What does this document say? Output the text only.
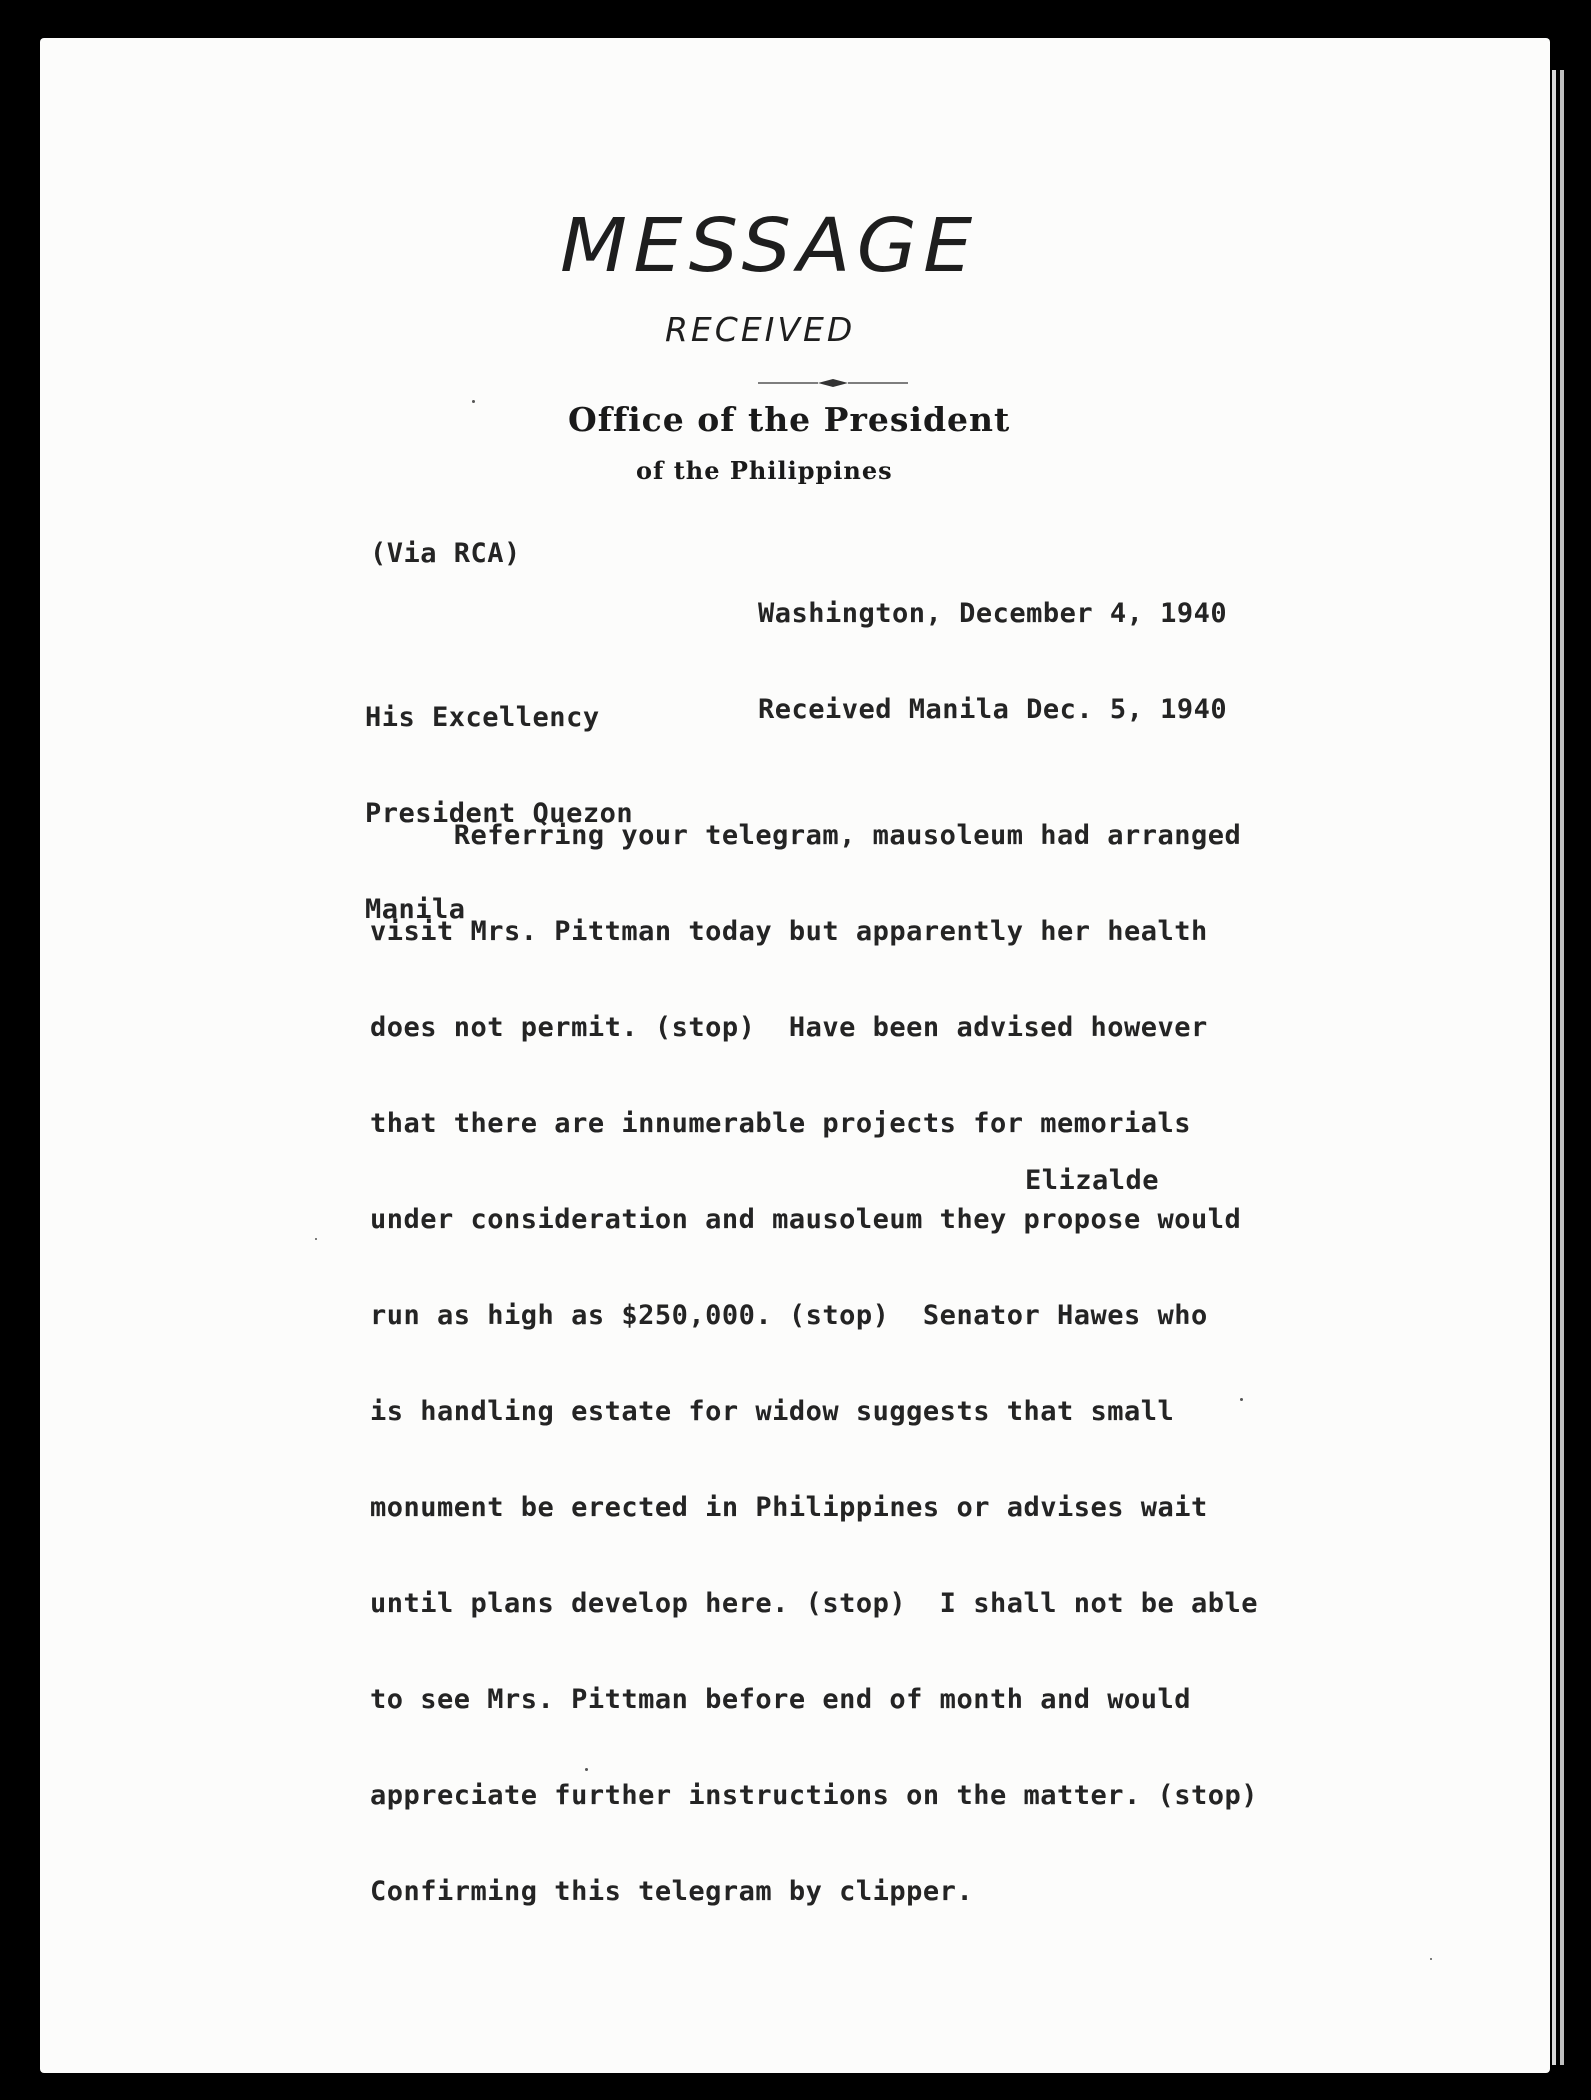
MESSAGE
RECEIVED
Office of the President
of the Philippines
(Via RCA)

Washington, December 4, 1940

Received Manila Dec. 5, 1940

His Excellency

President Quezon

Manila

Referring your telegram, mausoleum had arranged

visit Mrs. Pittman today but apparently her health

does not permit. (stop)  Have been advised however

that there are innumerable projects for memorials

under consideration and mausoleum they propose would

run as high as $250,000. (stop)  Senator Hawes who

is handling estate for widow suggests that small

monument be erected in Philippines or advises wait

until plans develop here. (stop)  I shall not be able

to see Mrs. Pittman before end of month and would

appreciate further instructions on the matter. (stop)

Confirming this telegram by clipper.

Elizalde
